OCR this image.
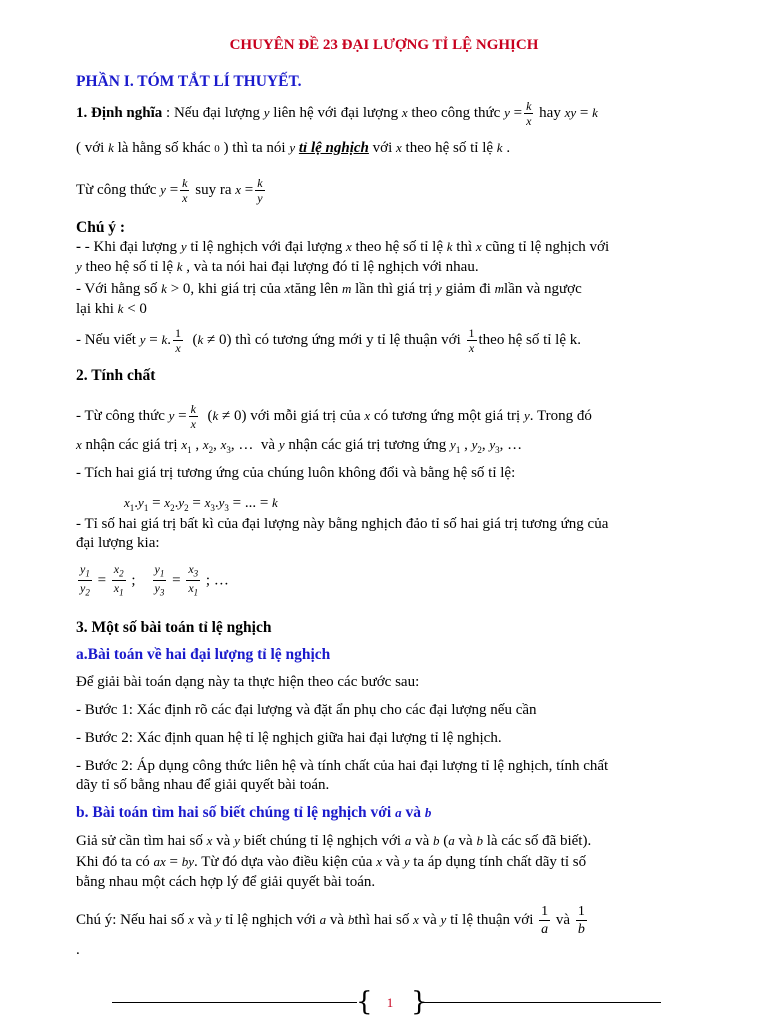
CHUYÊN ĐỀ 23 ĐẠI LƯỢNG TỈ LỆ NGHỊCH
PHẦN I. TÓM TẮT LÍ THUYẾT.
1. Định nghĩa : Nếu đại lượng y liên hệ với đại lượng x theo công thức $y = \frac{k}{x}$ hay xy = k
( với k là hằng số khác 0 ) thì ta nói y tỉ lệ nghịch với x theo hệ số tỉ lệ k .
Từ công thức $y = \frac{k}{x}$ suy ra $x = \frac{k}{y}$
Chú ý :
- - Khi đại lượng y tỉ lệ nghịch với đại lượng x theo hệ số tỉ lệ k thì x cũng tỉ lệ nghịch với
y theo hệ số tỉ lệ k , và ta nói hai đại lượng đó tỉ lệ nghịch với nhau.
- Với hằng số k > 0, khi giá trị của xtăng lên m lần thì giá trị y giảm đi mlần và ngược
lại khi k < 0
- Nếu viết y = k. $\frac{1}{x} (k \ne 0)$ thì có tương ứng mới y tỉ lệ thuận với $\frac{1}{x}$ theo hệ số tỉ lệ k.
2. Tính chất
- Từ công thức $y = \frac{k}{x} (k \ne 0)$ với mỗi giá trị của x có tương ứng một giá trị y. Trong đó
x nhận các giá trị $x_1$ , $x_2$, $x_3$, …  và y nhận các giá trị tương ứng $y_1$ , $y_2$, $y_3$, …
- Tích hai giá trị tương ứng của chúng luôn không đổi và bằng hệ số tỉ lệ:
$x_1.y_1 = x_2.y_2 = x_3.y_3$ = ... = k
- Tỉ số hai giá trị bất kì của đại lượng này bằng nghịch đảo tỉ số hai giá trị tương ứng của
đại lượng kia:
$\frac{y_1}{y_2} = \frac{x_2}{x_1}$ ; $\frac{y_1}{y_3} = \frac{x_3}{x_1}$ ; …
3. Một số bài toán tỉ lệ nghịch
a.Bài toán về hai đại lượng tỉ lệ nghịch
Để giải bài toán dạng này ta thực hiện theo các bước sau:
- Bước 1: Xác định rõ các đại lượng và đặt ẩn phụ cho các đại lượng nếu cần
- Bước 2: Xác định quan hệ tỉ lệ nghịch giữa hai đại lượng tỉ lệ nghịch.
- Bước 2: Áp dụng công thức liên hệ và tính chất của hai đại lượng tỉ lệ nghịch, tính chất
dãy tỉ số bằng nhau để giải quyết bài toán.
b. Bài toán tìm hai số biết chúng tỉ lệ nghịch với a và b
Giả sử cần tìm hai số x và y biết chúng tỉ lệ nghịch với a và b (a và b là các số đã biết).
Khi đó ta có ax = by. Từ đó dựa vào điều kiện của x và y ta áp dụng tính chất dãy tỉ số
bằng nhau một cách hợp lý để giải quyết bài toán.
Chú ý: Nếu hai số x và y tỉ lệ nghịch với a và bthì hai số x và y tỉ lệ thuận với $\frac{1}{a}$ và $\frac{1}{b}$
.
{ }
1
